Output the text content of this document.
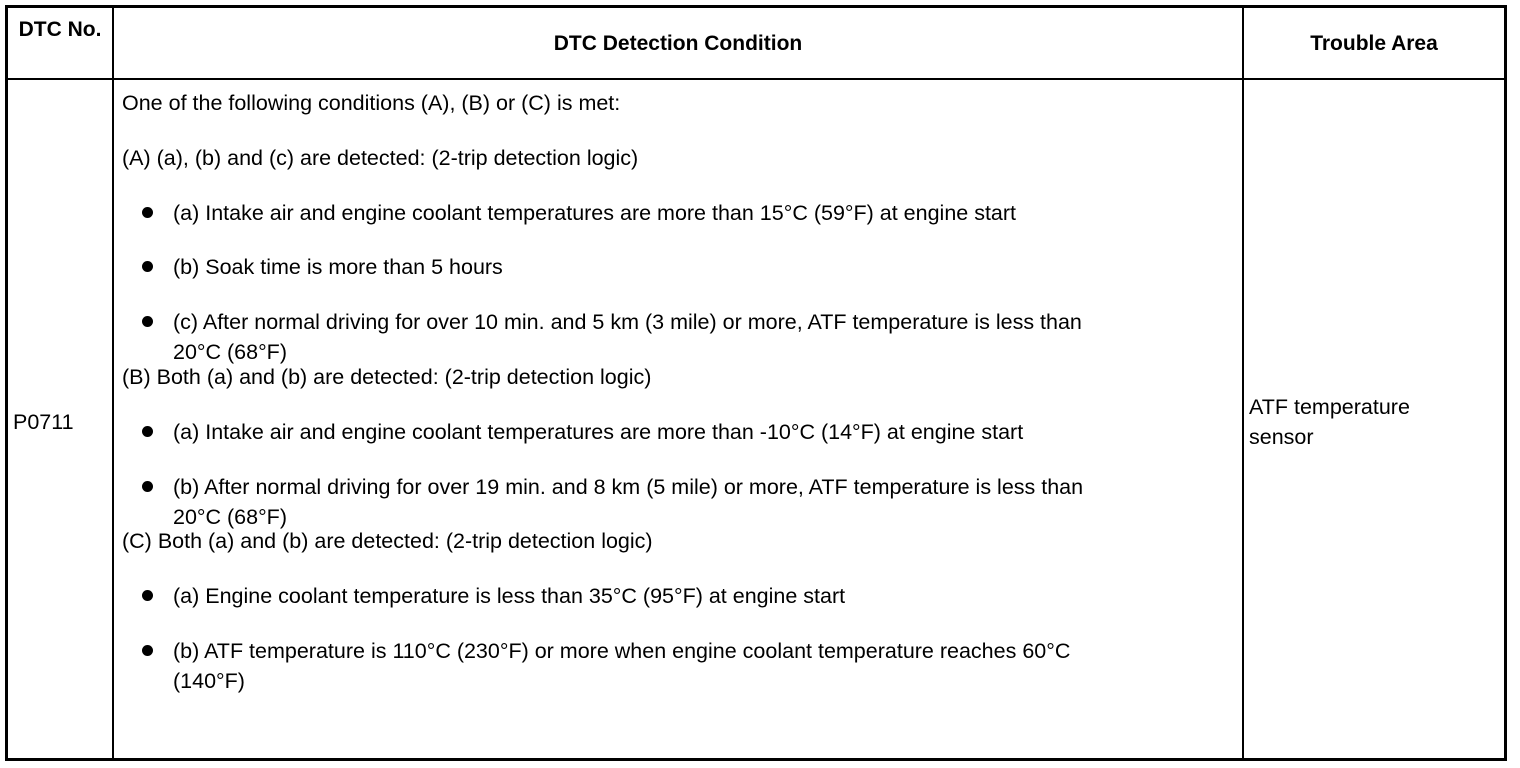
DTC No.
DTC Detection Condition	Trouble Area
P0711
ATF temperature sensor
One of the following conditions (A), (B) or (C) is met:
(A) (a), (b) and (c) are detected: (2-trip detection logic)
(a) Intake air and engine coolant temperatures are more than 15°C (59°F) at engine start
(b) Soak time is more than 5 hours
(c) After normal driving for over 10 min. and 5 km (3 mile) or more, ATF temperature is less than
20°C (68°F)
(B) Both (a) and (b) are detected: (2-trip detection logic)
(a) Intake air and engine coolant temperatures are more than -10°C (14°F) at engine start
(b) After normal driving for over 19 min. and 8 km (5 mile) or more, ATF temperature is less than
20°C (68°F)
(C) Both (a) and (b) are detected: (2-trip detection logic)
(a) Engine coolant temperature is less than 35°C (95°F) at engine start
(b) ATF temperature is 110°C (230°F) or more when engine coolant temperature reaches 60°C
(140°F)
